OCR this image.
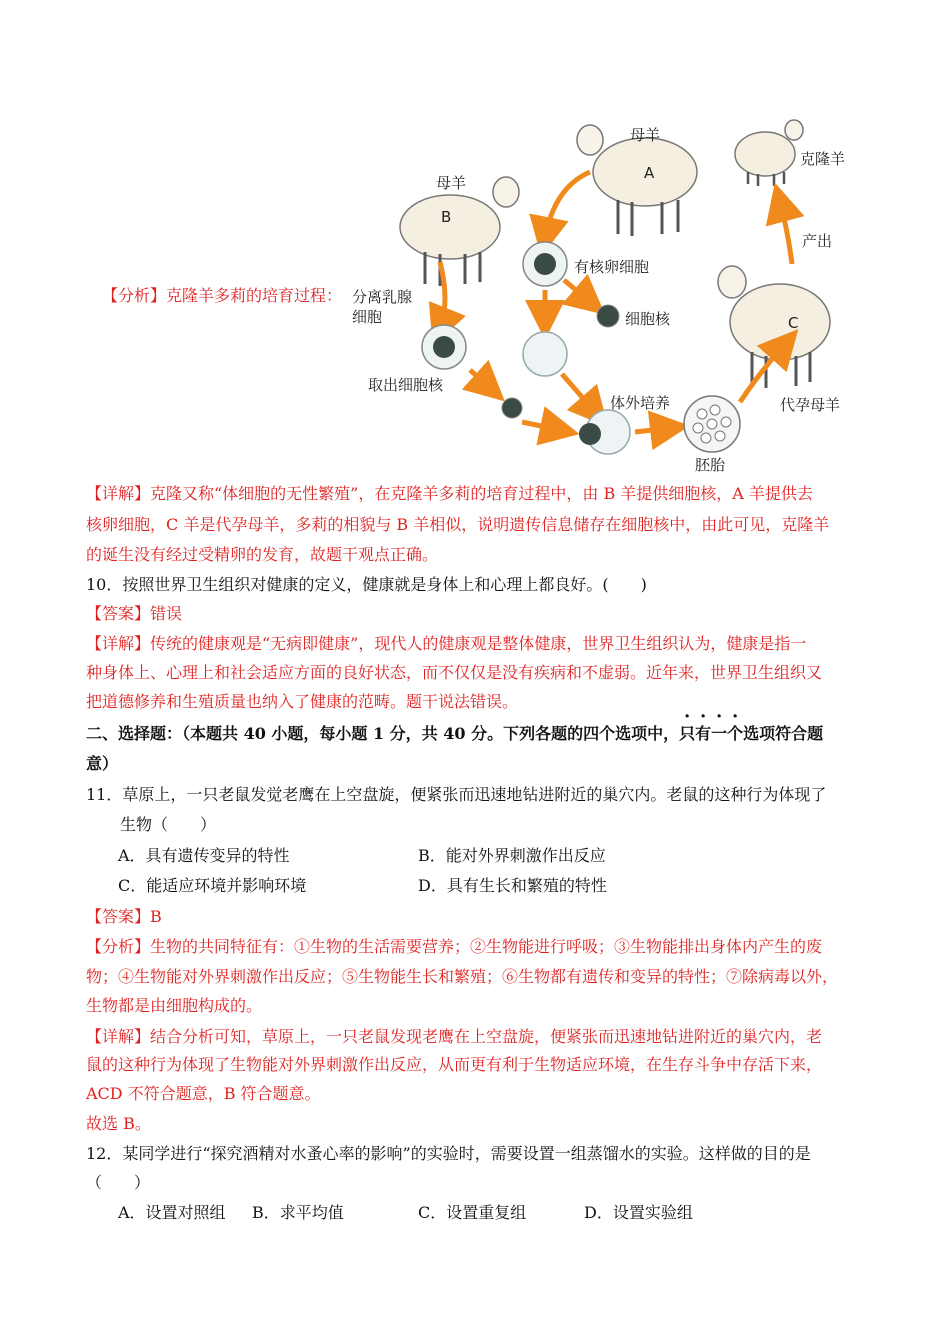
【分析】克隆羊多莉的培育过程：
母羊
B
母羊
A
克隆羊
C
分离乳腺
细胞
取出细胞核
有核卵细胞
细胞核
体外培养
胚胎
代孕母羊
产出
【详解】克隆又称“体细胞的无性繁殖”，在克隆羊多莉的培育过程中，由 B 羊提供细胞核，A 羊提供去
核卵细胞，C 羊是代孕母羊，多莉的相貌与 B 羊相似，说明遗传信息储存在细胞核中，由此可见，克隆羊
的诞生没有经过受精卵的发育，故题干观点正确。
10．按照世界卫生组织对健康的定义，健康就是身体上和心理上都良好。(　　)
【答案】错误
【详解】传统的健康观是“无病即健康”，现代人的健康观是整体健康，世界卫生组织认为，健康是指一
种身体上、心理上和社会适应方面的良好状态，而不仅仅是没有疾病和不虚弱。近年来，世界卫生组织又
把道德修养和生殖质量也纳入了健康的范畴。题干说法错误。
二、选择题：（本题共 40 小题，每小题 1 分，共 40 分。下列各题的四个选项中，只有一个选项符合题
意）
11．草原上，一只老鼠发觉老鹰在上空盘旋，便紧张而迅速地钻进附近的巢穴内。老鼠的这种行为体现了
生物（　　）
A．具有遗传变异的特性	B．能对外界刺激作出反应
C．能适应环境并影响环境	D．具有生长和繁殖的特性
【答案】B
【分析】生物的共同特征有：①生物的生活需要营养；②生物能进行呼吸；③生物能排出身体内产生的废
物；④生物能对外界刺激作出反应；⑤生物能生长和繁殖；⑥生物都有遗传和变异的特性；⑦除病毒以外，
生物都是由细胞构成的。
【详解】结合分析可知，草原上，一只老鼠发现老鹰在上空盘旋，便紧张而迅速地钻进附近的巢穴内，老
鼠的这种行为体现了生物能对外界刺激作出反应，从而更有利于生物适应环境，在生存斗争中存活下来，
ACD 不符合题意，B 符合题意。
故选 B。
12．某同学进行“探究酒精对水蚤心率的影响”的实验时，需要设置一组蒸馏水的实验。这样做的目的是
（　　）
A．设置对照组 B．求平均值	C．设置重复组	D．设置实验组
